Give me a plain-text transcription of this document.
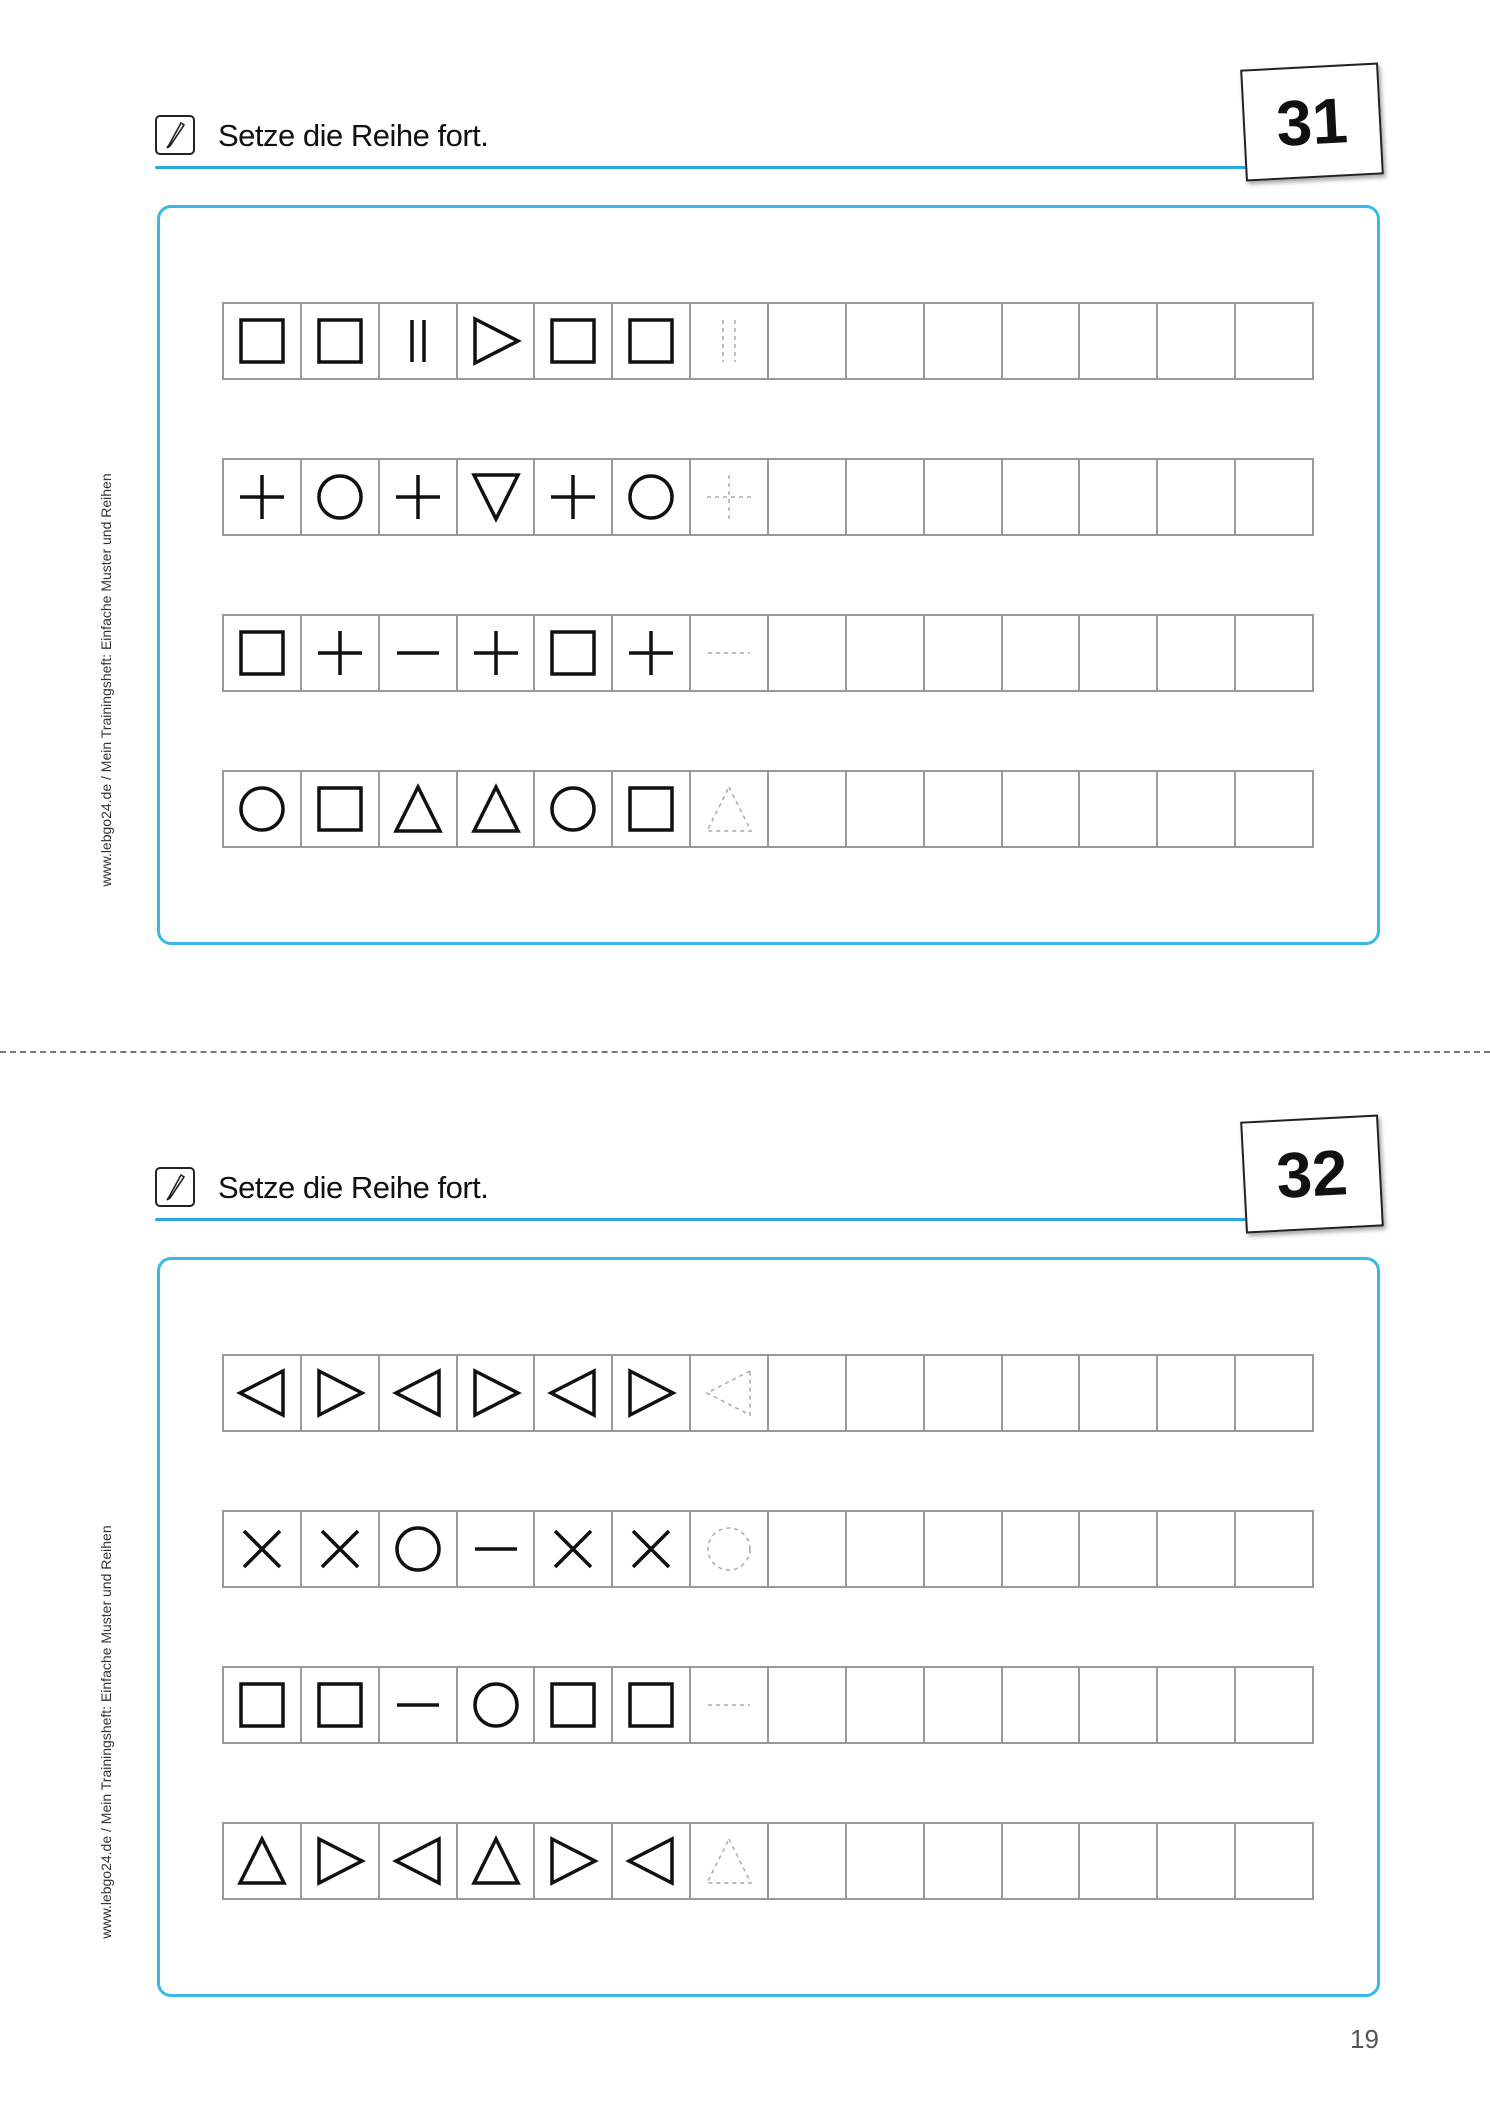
Setze die Reihe fort.	31
www.lebgo24.de / Mein Trainingsheft: Einfache Muster und Reihen
Setze die Reihe fort.	32
www.lebgo24.de / Mein Trainingsheft: Einfache Muster und Reihen
19
